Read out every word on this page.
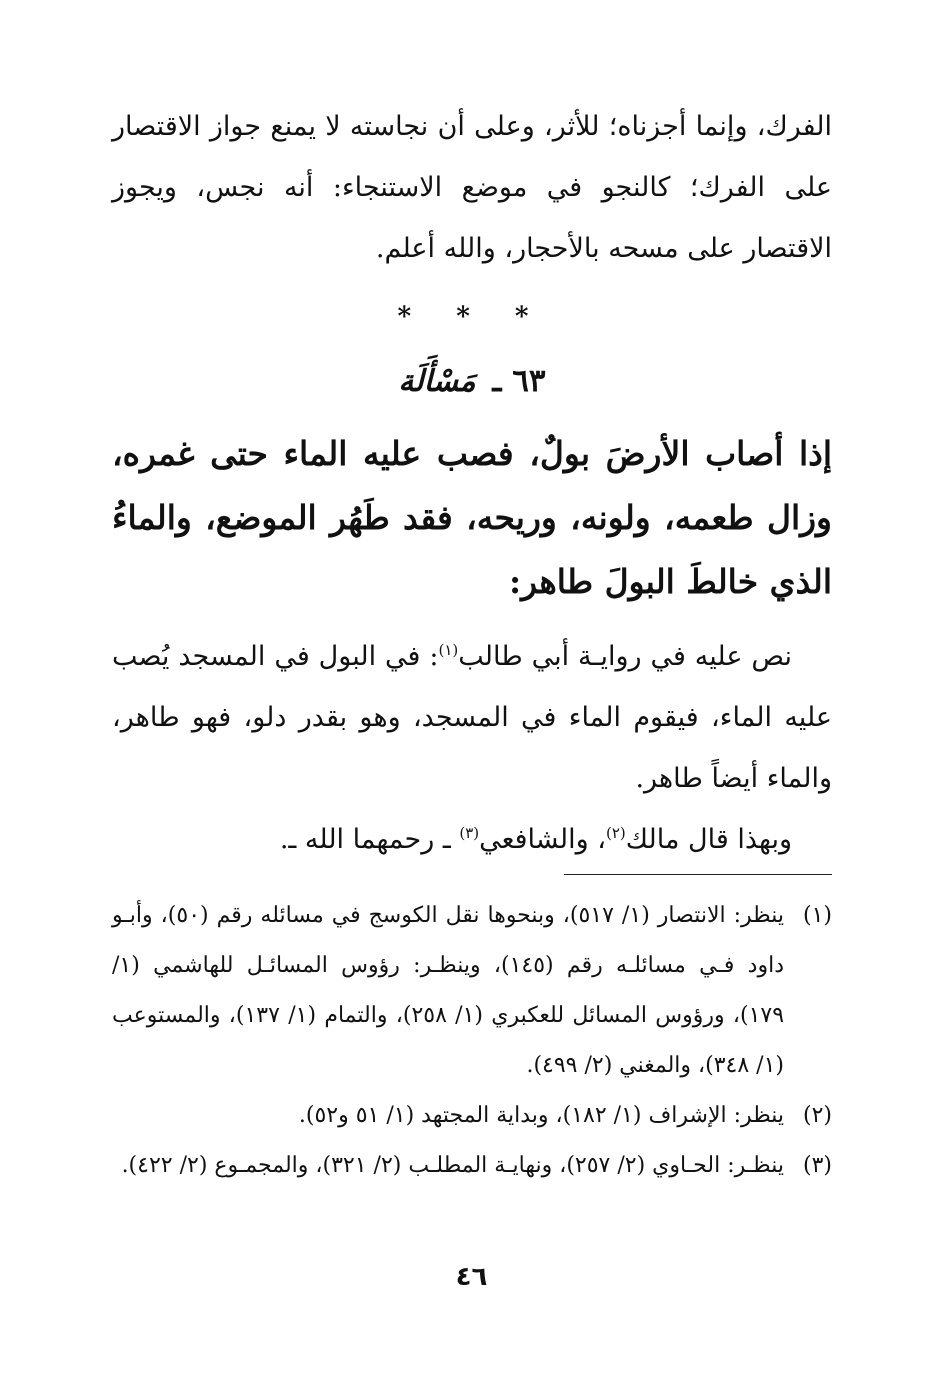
الفرك، وإنما أجزناه؛ للأثر، وعلى أن نجاسته لا يمنع جواز الاقتصار على الفرك؛ كالنجو في موضع الاستنجاء: أنه نجس، ويجوز الاقتصار على مسحه بالأحجار، والله أعلم.

* * *
٦٣ ـ مَسْأَلَة

إذا أصاب الأرضَ بولٌ، فصب عليه الماء حتى غمره، وزال طعمه، ولونه، وريحه، فقد طَهُر الموضع، والماءُ الذي خالطَ البولَ طاهر:

نص عليه في روايـة أبي طالب$^{(١)}$: في البول في المسجد يُصب عليه الماء، فيقوم الماء في المسجد، وهو بقدر دلو، فهو طاهر، والماء أيضاً طاهر.

وبهذا قال مالك$^{(٢)}$، والشافعي$^{(٣)}$ ـ رحمهما الله ـ.

(١)
ينظر: الانتصار (١/ ٥١٧)، وبنحوها نقل الكوسج في مسائله رقم (٥٠)، وأبـو داود فـي مسائلـه رقم (١٤٥)، وينظـر: رؤوس المسائـل للهاشمي (١/ ١٧٩)، ورؤوس المسائل للعكبري (١/ ٢٥٨)، والتمام (١/ ١٣٧)، والمستوعب (١/ ٣٤٨)، والمغني (٢/ ٤٩٩).
(٢)
ينظر: الإشراف (١/ ١٨٢)، وبداية المجتهد (١/ ٥١ و٥٢).
(٣)
ينظـر: الحـاوي (٢/ ٢٥٧)، ونهايـة المطلـب (٢/ ٣٢١)، والمجمـوع (٢/ ٤٢٢).
٤٦
